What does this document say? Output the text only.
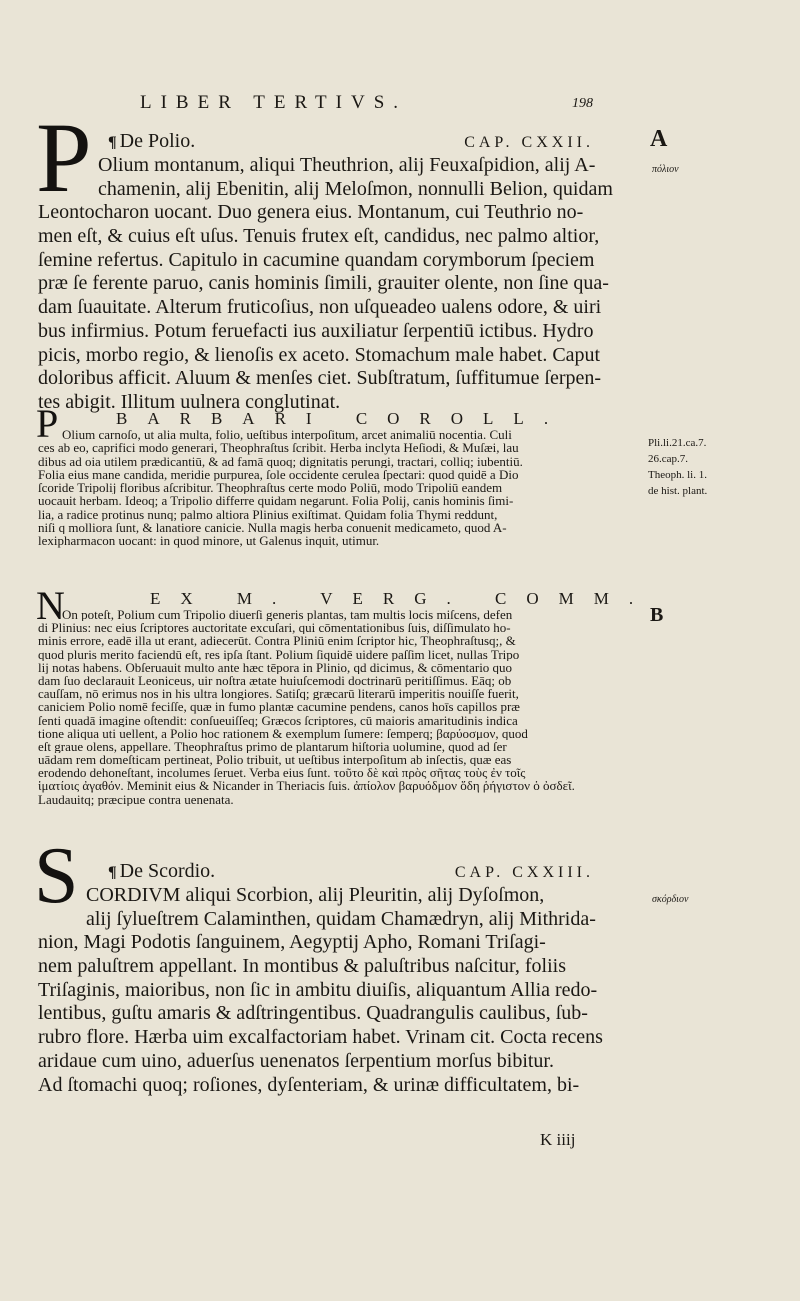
LIBER TERTIVS.	198
P ¶ De Polio.	CAP. CXXII.
Olium montanum, aliqui Theuthrion, alij Feuxaſpidion, alij A-
chamenin, alij Ebenitin, alij Meloſmon, nonnulli Belion, quidam
Leontocharon uocant. Duo genera eius. Montanum, cui Teuthrio no-
men eſt, & cuius eſt uſus. Tenuis frutex eſt, candidus, nec palmo altior,
ſemine refertus. Capitulo in cacumine quandam corymborum ſpeciem
præ ſe ferente paruo, canis hominis ſimili, grauiter olente, non ſine qua-
dam ſuauitate. Alterum fruticoſius, non uſqueadeo ualens odore, & uiri
bus infirmius. Potum feruefacti ius auxiliatur ſerpentiū ictibus. Hydro
picis, morbo regio, & lienoſis ex aceto. Stomachum male habet. Caput
doloribus afficit. Aluum & menſes ciet. Subſtratum, ſuffitumue ſerpen-
tes abigit. Illitum uulnera conglutinat.
P	BARBARI COROLL.
Olium carnoſo, ut alia multa, folio, ueſtibus interpoſitum, arcet animaliū nocentia. Culi
ces ab eo, caprifici modo generari, Theophraſtus ſcribit. Herba inclyta Heſiodi, & Muſæi, lau
dibus ad oia utilem prædicantiū, & ad famā quoq; dignitatis perungi, tractari, colliq; iubentiū.
Folia eius mane candida, meridie purpurea, ſole occidente cerulea ſpectari: quod quidē a Dio
ſcoride Tripolij floribus aſcribitur. Theophraſtus certe modo Poliū, modo Tripoliū eandem
uocauit herbam. Ideoq; a Tripolio differre quidam negarunt. Folia Polij, canis hominis ſimi-
lia, a radice protinus nunq; palmo altiora Plinius exiſtimat. Quidam folia Thymi reddunt,
niſi q molliora ſunt, & lanatiore canicie. Nulla magis herba conuenit medicameto, quod A-
lexipharmacon uocant: in quod minore, ut Galenus inquit, utimur.
N	EX M. VERG. COMM.
On poteſt, Polium cum Tripolio diuerſi generis plantas, tam multis locis miſcens, defen
di Plinius: nec eius ſcriptores auctoritate excuſari, qui cōmentationibus ſuis, diſſimulato ho-
minis errore, eadē illa ut erant, adiecerūt. Contra Pliniū enim ſcriptor hic, Theophraſtusq;, &
quod pluris merito faciendū eſt, res ipſa ſtant. Polium ſiquidē uidere paſſim licet, nullas Tripo
lij notas habens. Obſeruauit multo ante hæc tēpora in Plinio, qd dicimus, & cōmentario quo
dam ſuo declarauit Leoniceus, uir noſtra ætate huiuſcemodi doctrinarū peritiſſimus. Eāq; ob
cauſſam, nō erimus nos in his ultra longiores. Satiſq; græcarū literarū imperitis nouiſſe fuerit,
caniciem Polio nomē feciſſe, quæ in fumo plantæ cacumine pendens, canos hoīs capillos præ
ſenti quadā imagine oſtendit: conſueuiſſeq; Græcos ſcriptores, cū maioris amaritudinis indica
tione aliqua uti uellent, a Polio hoc rationem & exemplum ſumere: ſemperq; βαρύοσμον, quod
eſt graue olens, appellare. Theophraſtus primo de plantarum hiſtoria uolumine, quod ad ſer
uādam rem domeſticam pertineat, Polio tribuit, ut ueſtibus interpoſitum ab inſectis, quæ eas
erodendo dehoneſtant, incolumes ſeruet. Verba eius ſunt. τοῦτο δὲ καὶ πρὸς σῆτας τοὺς ἐν τοῖς
ἱματίοις ἀγαθόν. Meminit eius & Nicander in Theriacis ſuis. ἀπίολον βαρυόδμον ὅδη ῥήγιστον ὁ ὀσδεῖ.
Laudauitq; præcipue contra uenenata.
S ¶ De Scordio.	CAP. CXXIII.
CORDIVM aliqui Scorbion, alij Pleuritin, alij Dyſoſmon,
alij ſylueſtrem Calaminthen, quidam Chamædryn, alij Mithrida-
nion, Magi Podotis ſanguinem, Aegyptij Apho, Romani Triſagi-
nem paluſtrem appellant. In montibus & paluſtribus naſcitur, foliis
Triſaginis, maioribus, non ſic in ambitu diuiſis, aliquantum Allia redo-
lentibus, guſtu amaris & adſtringentibus. Quadrangulis caulibus, ſub-
rubro flore. Hærba uim excalfactoriam habet. Vrinam cit. Cocta recens
aridaue cum uino, aduerſus uenenatos ſerpentium morſus bibitur.
Ad ſtomachi quoq; roſiones, dyſenteriam, & urinæ difficultatem, bi-
A
πόλιον
Pli.li.21.ca.7.
26.cap.7.
Theoph. li. 1.
de hist. plant.
B
σκόρδιον
K iiij
